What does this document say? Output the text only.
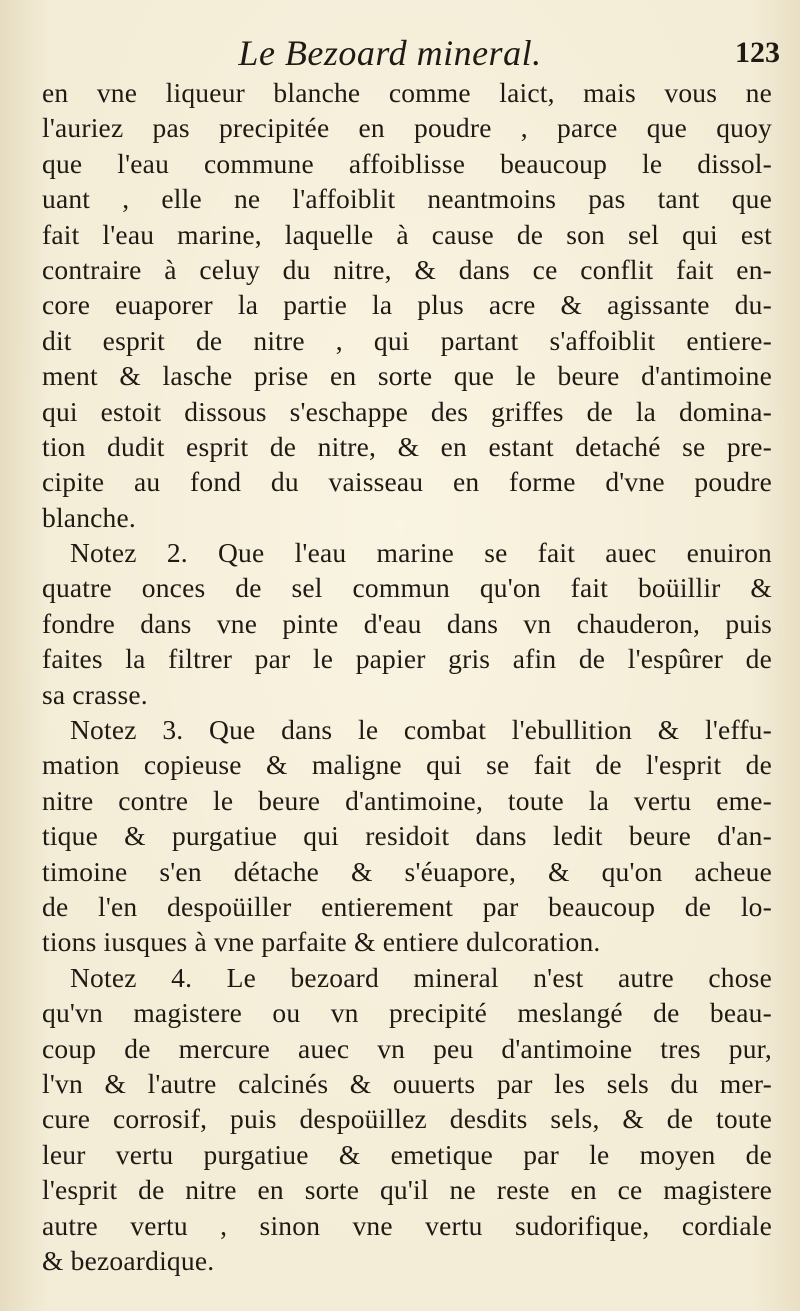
Le Bezoard mineral.	123
en vne liqueur blanche comme laict, mais vous ne
l'auriez pas precipitée en poudre , parce que quoy
que l'eau commune affoiblisse beaucoup le dissol-
uant , elle ne l'affoiblit neantmoins pas tant que
fait l'eau marine, laquelle à cause de son sel qui est
contraire à celuy du nitre, & dans ce conflit fait en-
core euaporer la partie la plus acre & agissante du-
dit esprit de nitre , qui partant s'affoiblit entiere-
ment & lasche prise en sorte que le beure d'antimoine
qui estoit dissous s'eschappe des griffes de la domina-
tion dudit esprit de nitre, & en estant detaché se pre-
cipite au fond du vaisseau en forme d'vne poudre
blanche.
Notez 2. Que l'eau marine se fait auec enuiron
quatre onces de sel commun qu'on fait boüillir &
fondre dans vne pinte d'eau dans vn chauderon, puis
faites la filtrer par le papier gris afin de l'espûrer de
sa crasse.
Notez 3. Que dans le combat l'ebullition & l'effu-
mation copieuse & maligne qui se fait de l'esprit de
nitre contre le beure d'antimoine, toute la vertu eme-
tique & purgatiue qui residoit dans ledit beure d'an-
timoine s'en détache & s'éuapore, & qu'on acheue
de l'en despoüiller entierement par beaucoup de lo-
tions iusques à vne parfaite & entiere dulcoration.
Notez 4. Le bezoard mineral n'est autre chose
qu'vn magistere ou vn precipité meslangé de beau-
coup de mercure auec vn peu d'antimoine tres pur,
l'vn & l'autre calcinés & ouuerts par les sels du mer-
cure corrosif, puis despoüillez desdits sels, & de toute
leur vertu purgatiue & emetique par le moyen de
l'esprit de nitre en sorte qu'il ne reste en ce magistere
autre vertu , sinon vne vertu sudorifique, cordiale
& bezoardique.
